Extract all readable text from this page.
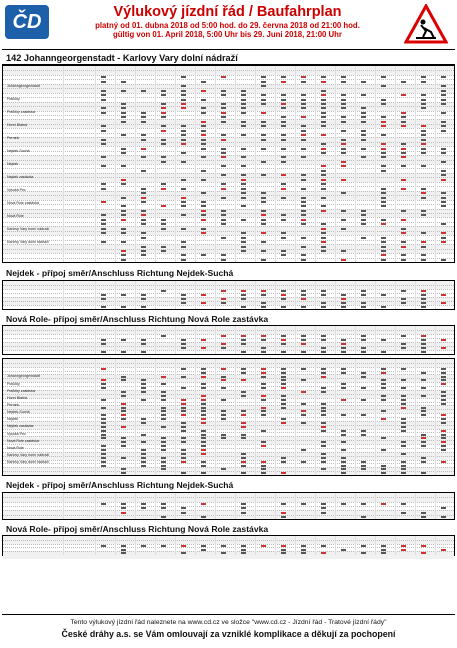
ČD	Výlukový jízdní řád / Baufahrplan
platný od 01. dubna 2018 od 5:00 hod. do 29. června 2018 od 21:00 hod.
gültig von 01. April 2018, 5:00 Uhr bis 29. Juni 2018, 21:00 Uhr
142 Johanngeorgenstadt - Karlovy Vary dolní nádraží
Johanngeorgenstadt
Potůčky
Potůčky zastávka
Horní Blatná
Pernink
Nejdek-Suchá
Nejdek
Nejdek zastávka
Vysoká Pec
Nová Role zastávka
Nová Role
Karlovy Vary horní nádraží
Karlovy Vary dolní nádraží
Nejdek - přípoj směr/Anschluss Richtung Nejdek-Suchá
Nová Role- přípoj směr/Anschluss Richtung Nová Role zastávka
Johanngeorgenstadt
Potůčky
Potůčky zastávka
Horní Blatná
Pernink
Nejdek-Suchá
Nejdek
Nejdek zastávka
Vysoká Pec
Nová Role zastávka
Nová Role
Karlovy Vary horní nádraží
Karlovy Vary dolní nádraží
Nejdek - přípoj směr/Anschluss Richtung Nejdek-Suchá
Nová Role- přípoj směr/Anschluss Richtung Nová Role zastávka
Tento výlukový jízdní řád naleznete na www.cd.cz ve složce "www.cd.cz - Jízdní řád - Tratové jízdní řády"
České dráhy a.s. se Vám omlouvají za vzniklé komplikace a děkují za pochopení
